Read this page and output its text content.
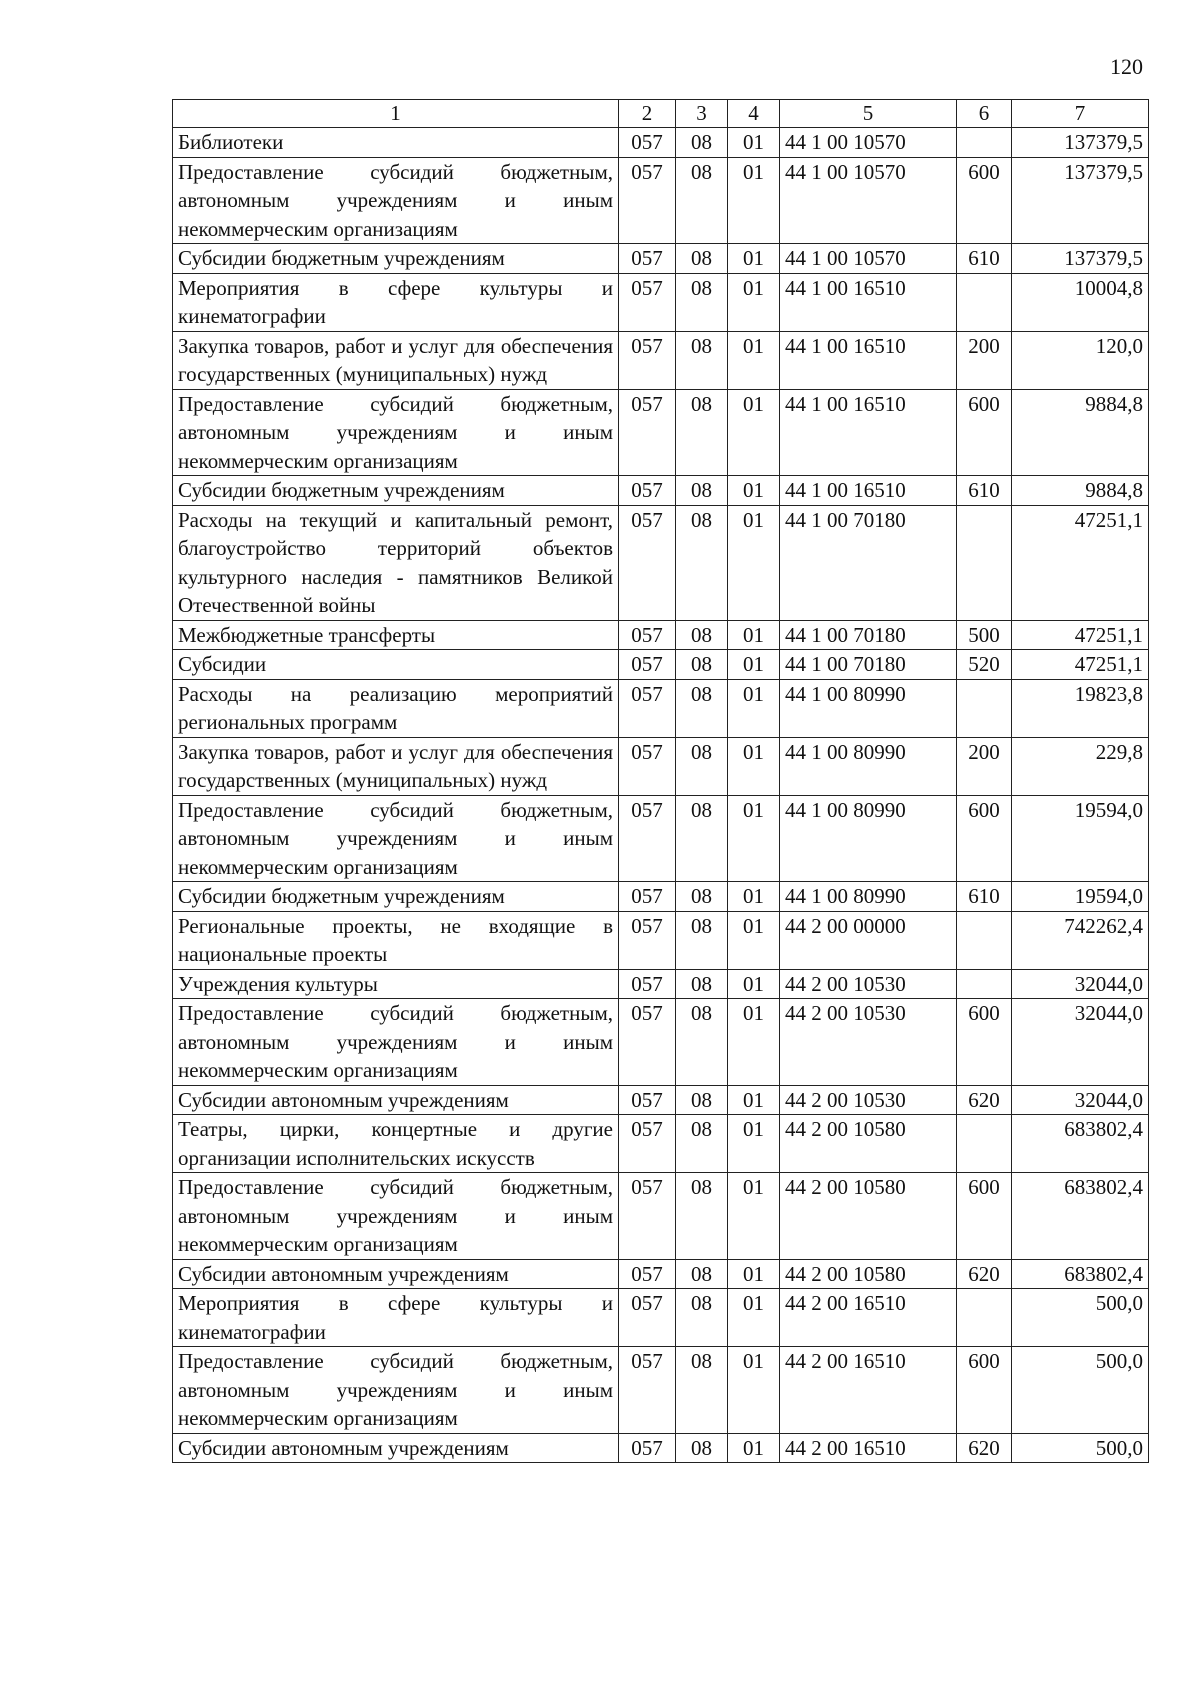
120
1	2	3	4	5	6	7
Библиотеки	057	08	01	44 1 00 10570		137379,5
Предоставление субсидий бюджетным, автономным учреждениям и иным некоммерческим организациям	057	08	01	44 1 00 10570	600	137379,5
Субсидии бюджетным учреждениям	057	08	01	44 1 00 10570	610	137379,5
Мероприятия в сфере культуры и кинематографии	057	08	01	44 1 00 16510		10004,8
Закупка товаров, работ и услуг для обеспечения государственных (муниципальных) нужд	057	08	01	44 1 00 16510	200	120,0
Предоставление субсидий бюджетным, автономным учреждениям и иным некоммерческим организациям	057	08	01	44 1 00 16510	600	9884,8
Субсидии бюджетным учреждениям	057	08	01	44 1 00 16510	610	9884,8
Расходы на текущий и капитальный ремонт, благоустройство территорий объектов культурного наследия - памятников Великой Отечественной войны	057	08	01	44 1 00 70180		47251,1
Межбюджетные трансферты	057	08	01	44 1 00 70180	500	47251,1
Субсидии	057	08	01	44 1 00 70180	520	47251,1
Расходы на реализацию мероприятий региональных программ	057	08	01	44 1 00 80990		19823,8
Закупка товаров, работ и услуг для обеспечения государственных (муниципальных) нужд	057	08	01	44 1 00 80990	200	229,8
Предоставление субсидий бюджетным, автономным учреждениям и иным некоммерческим организациям	057	08	01	44 1 00 80990	600	19594,0
Субсидии бюджетным учреждениям	057	08	01	44 1 00 80990	610	19594,0
Региональные проекты, не входящие в национальные проекты	057	08	01	44 2 00 00000		742262,4
Учреждения культуры	057	08	01	44 2 00 10530		32044,0
Предоставление субсидий бюджетным, автономным учреждениям и иным некоммерческим организациям	057	08	01	44 2 00 10530	600	32044,0
Субсидии автономным учреждениям	057	08	01	44 2 00 10530	620	32044,0
Театры, цирки, концертные и другие организации исполнительских искусств	057	08	01	44 2 00 10580		683802,4
Предоставление субсидий бюджетным, автономным учреждениям и иным некоммерческим организациям	057	08	01	44 2 00 10580	600	683802,4
Субсидии автономным учреждениям	057	08	01	44 2 00 10580	620	683802,4
Мероприятия в сфере культуры и кинематографии	057	08	01	44 2 00 16510		500,0
Предоставление субсидий бюджетным, автономным учреждениям и иным некоммерческим организациям	057	08	01	44 2 00 16510	600	500,0
Субсидии автономным учреждениям	057	08	01	44 2 00 16510	620	500,0
